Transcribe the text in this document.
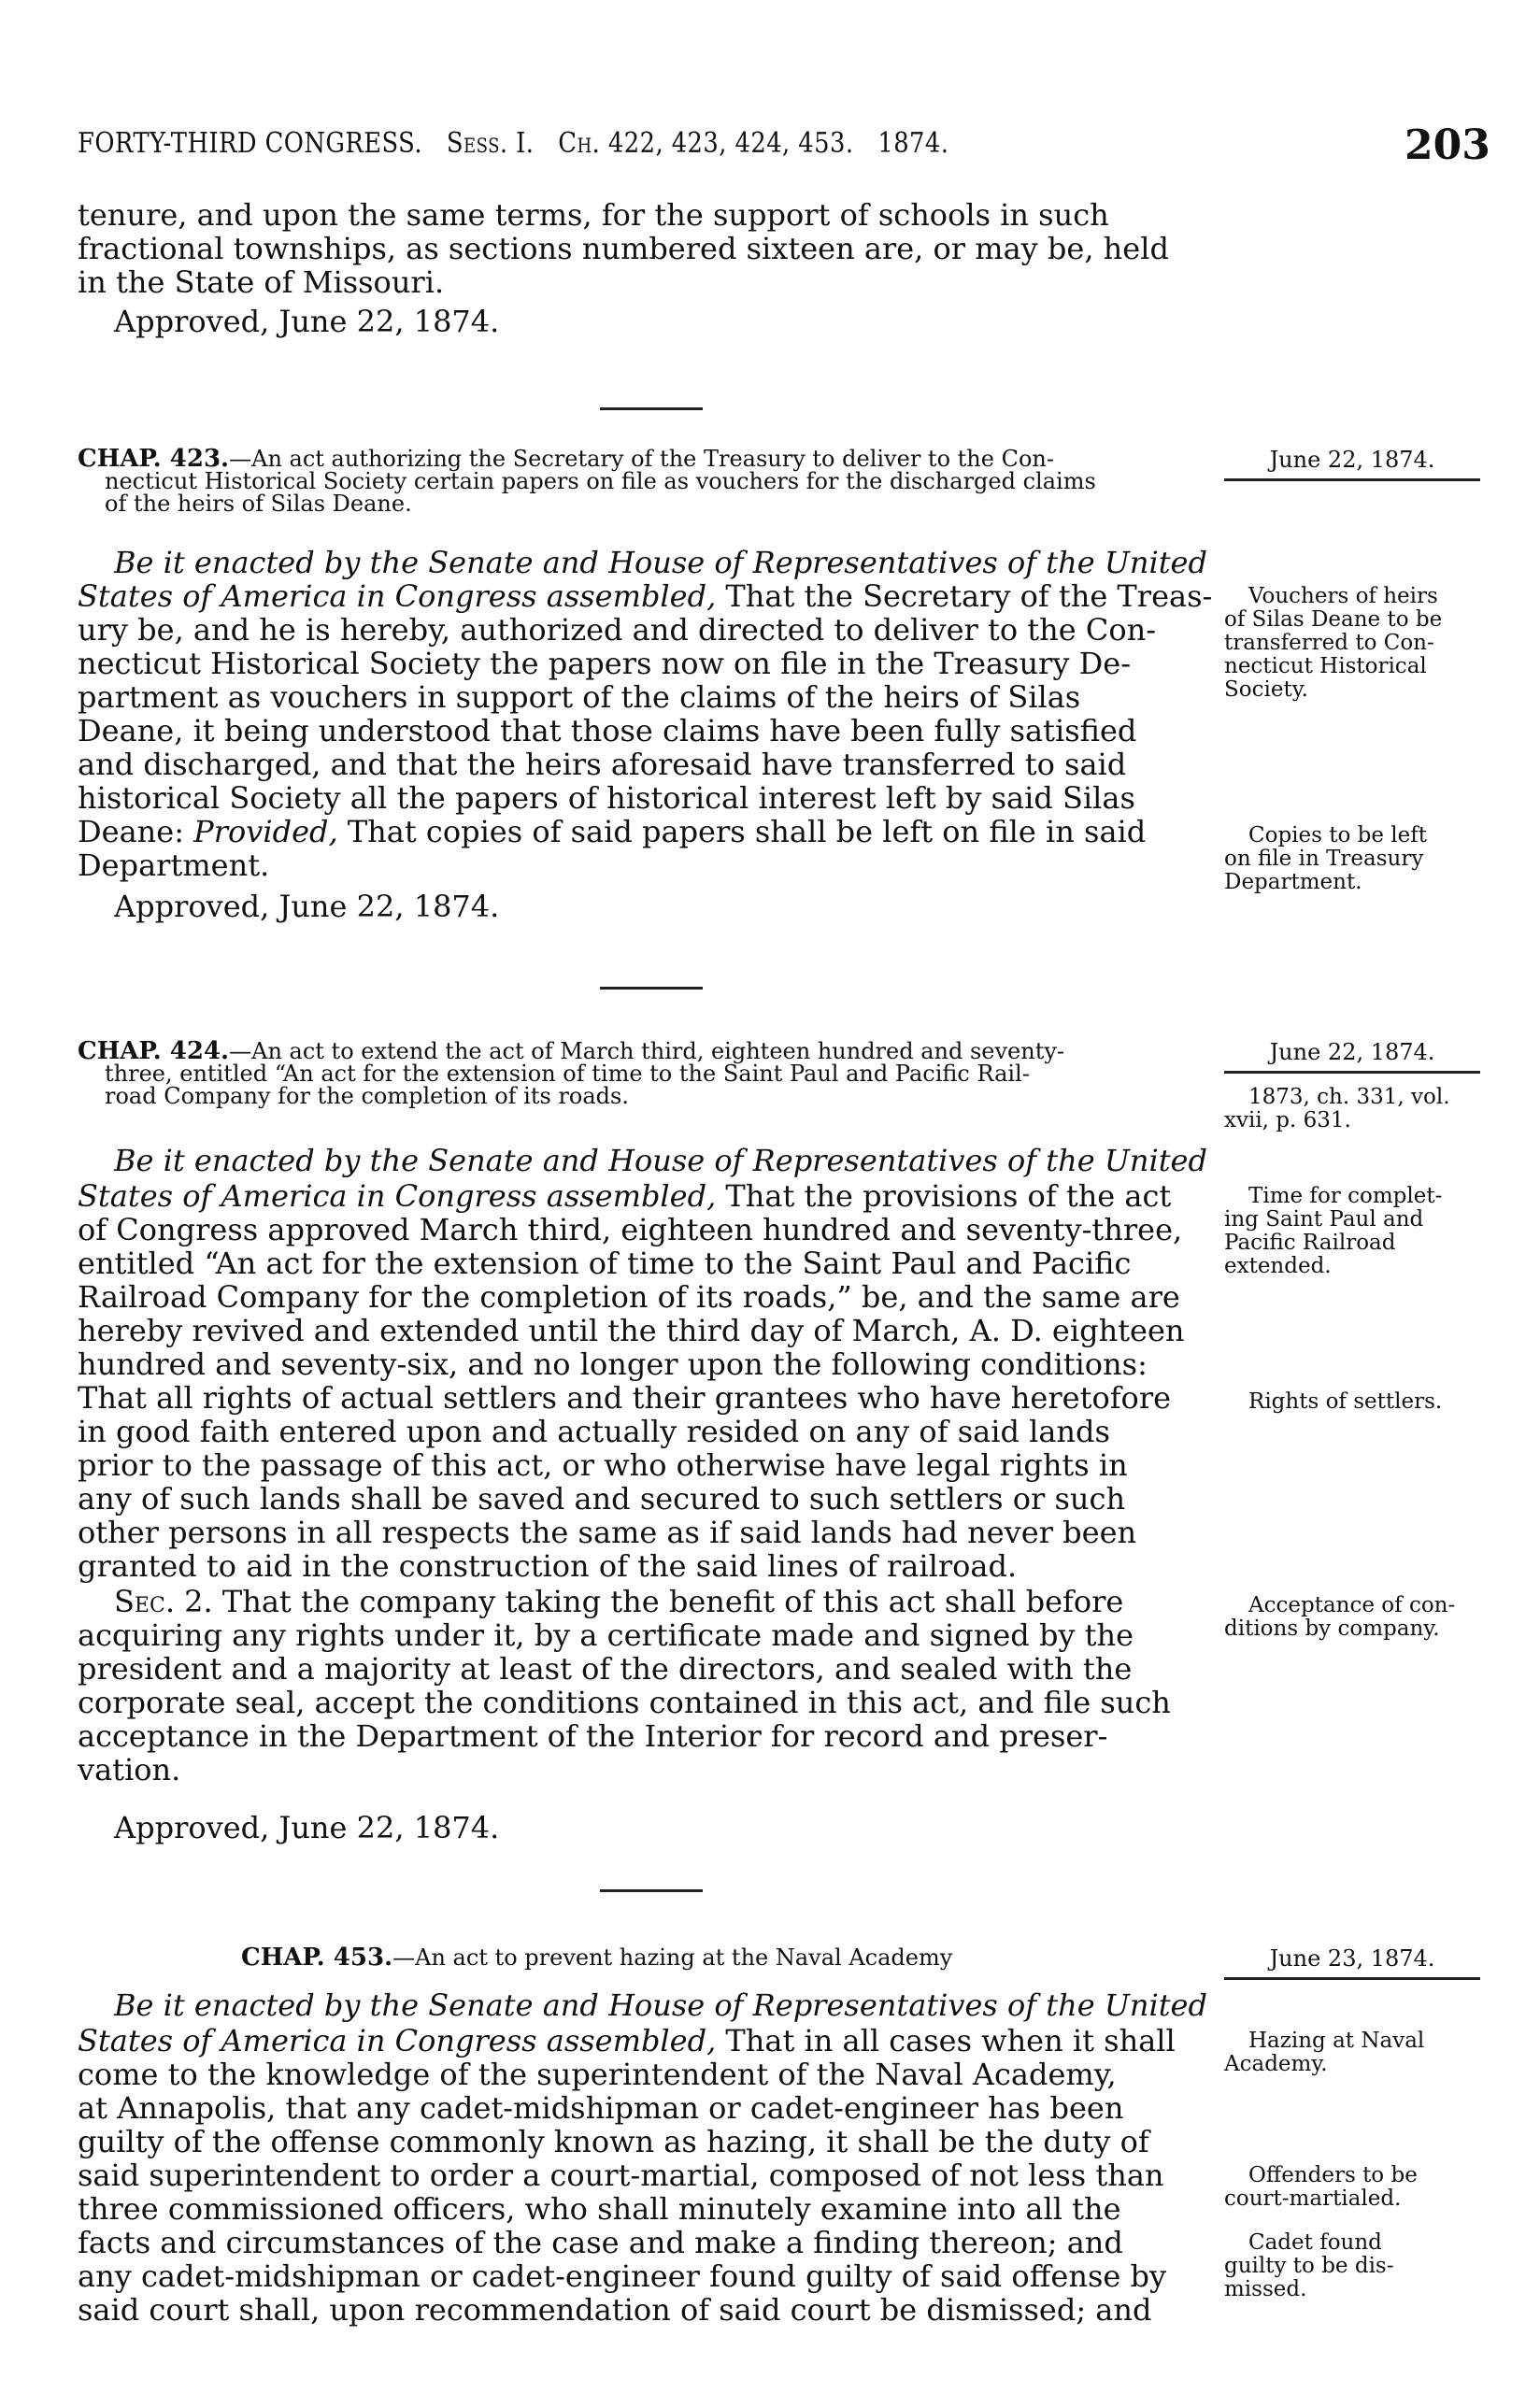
FORTY-THIRD CONGRESS. Sess. I. Ch. 422, 423, 424, 453. 1874.	203
tenure, and upon the same terms, for the support of schools in such
fractional townships, as sections numbered sixteen are, or may be, held
in the State of Missouri.
Approved, June 22, 1874.
CHAP. 423.—An act authorizing the Secretary of the Treasury to deliver to the Con-
necticut Historical Society certain papers on file as vouchers for the discharged claims
of the heirs of Silas Deane.
June 22, 1874.
Be it enacted by the Senate and House of Representatives of the United
States of America in Congress assembled, That the Secretary of the Treas-
ury be, and he is hereby, authorized and directed to deliver to the Con-
necticut Historical Society the papers now on file in the Treasury De-
partment as vouchers in support of the claims of the heirs of Silas
Deane, it being understood that those claims have been fully satisfied
and discharged, and that the heirs aforesaid have transferred to said
historical Society all the papers of historical interest left by said Silas
Deane: Provided, That copies of said papers shall be left on file in said
Department.
Approved, June 22, 1874.
Vouchers of heirs
of Silas Deane to be
transferred to Con-
necticut Historical
Society.
Copies to be left
on file in Treasury
Department.
CHAP. 424.—An act to extend the act of March third, eighteen hundred and seventy-
three, entitled “An act for the extension of time to the Saint Paul and Pacific Rail-
road Company for the completion of its roads.
June 22, 1874.
1873, ch. 331, vol.
xvii, p. 631.
Be it enacted by the Senate and House of Representatives of the United
States of America in Congress assembled, That the provisions of the act
of Congress approved March third, eighteen hundred and seventy-three,
entitled “An act for the extension of time to the Saint Paul and Pacific
Railroad Company for the completion of its roads,” be, and the same are
hereby revived and extended until the third day of March, A. D. eighteen
hundred and seventy-six, and no longer upon the following conditions:
That all rights of actual settlers and their grantees who have heretofore
in good faith entered upon and actually resided on any of said lands
prior to the passage of this act, or who otherwise have legal rights in
any of such lands shall be saved and secured to such settlers or such
other persons in all respects the same as if said lands had never been
granted to aid in the construction of the said lines of railroad.
Sec. 2. That the company taking the benefit of this act shall before
acquiring any rights under it, by a certificate made and signed by the
president and a majority at least of the directors, and sealed with the
corporate seal, accept the conditions contained in this act, and file such
acceptance in the Department of the Interior for record and preser-
vation.
Approved, June 22, 1874.
Time for complet-
ing Saint Paul and
Pacific Railroad
extended.
Rights of settlers.
Acceptance of con-
ditions by company.
CHAP. 453.—An act to prevent hazing at the Naval Academy	June 23, 1874.
Be it enacted by the Senate and House of Representatives of the United
States of America in Congress assembled, That in all cases when it shall
come to the knowledge of the superintendent of the Naval Academy,
at Annapolis, that any cadet-midshipman or cadet-engineer has been
guilty of the offense commonly known as hazing, it shall be the duty of
said superintendent to order a court-martial, composed of not less than
three commissioned officers, who shall minutely examine into all the
facts and circumstances of the case and make a finding thereon; and
any cadet-midshipman or cadet-engineer found guilty of said offense by
said court shall, upon recommendation of said court be dismissed; and
Hazing at Naval
Academy.
Offenders to be
court-martialed.
Cadet found
guilty to be dis-
missed.
